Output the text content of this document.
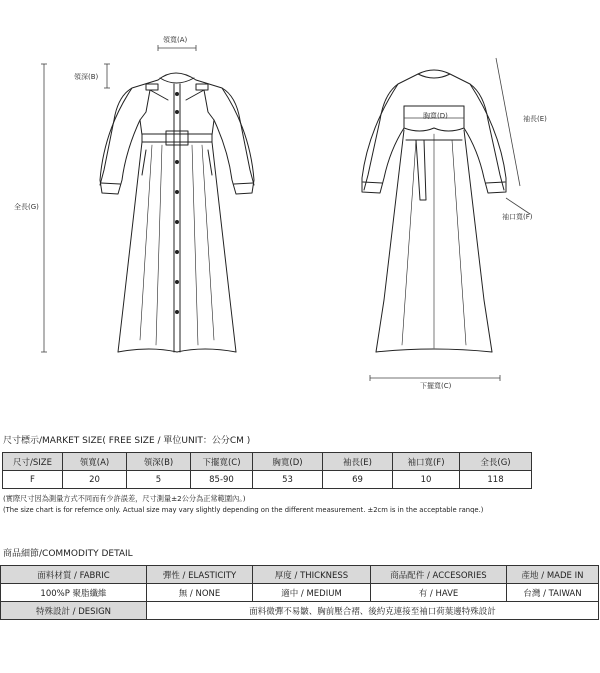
領寬(A)
領深(B)
全長(G)
胸寬(D)	袖長(E)
袖口寬(F)
下擺寬(C)
尺寸標示/MARKET SIZE( FREE SIZE / 單位UNIT：公分CM )
尺寸/SIZE	領寬(A)	領深(B)	下擺寬(C)	胸寬(D)	袖長(E)	袖口寬(F)	全長(G)
F	20	5	85-90	53	69	10	118
(實際尺寸因為測量方式不同而有少許誤差，尺寸測量±2公分為正常範圍內。)
(The size chart is for refernce only. Actual size may vary slightly depending on the different measurement. ±2cm is in the acceptable ranqe.)
商品細節/COMMODITY DETAIL
面料材質 / FABRIC	彈性 / ELASTICITY	厚度 / THICKNESS	商品配件 / ACCESORIES	產地 / MADE IN
100%P 聚脂纖維	無 / NONE	適中 / MEDIUM	有 / HAVE	台灣 / TAIWAN
特殊設計 / DESIGN	面料微彈不易皺、胸前壓合褶、後約克連接至袖口荷葉邊特殊設計			
